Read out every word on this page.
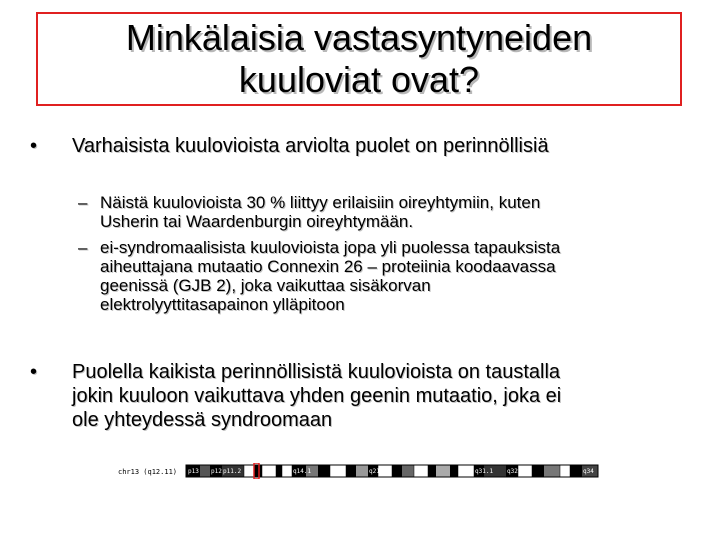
Minkälaisia vastasyntyneiden
kuuloviat ovat?
• Varhaisista kuulovioista arviolta puolet on perinnöllisiä
– Näistä kuulovioista 30 % liittyy erilaisiin oireyhtymiin, kuten
Usherin tai Waardenburgin oireyhtymään.
– ei-syndromaalisista kuulovioista jopa yli puolessa tapauksista
aiheuttajana mutaatio Connexin 26 – proteiinia koodaavassa
geenissä (GJB 2), joka vaikuttaa sisäkorvan
elektrolyyttitasapainon ylläpitoon
• Puolella kaikista perinnöllisistä kuulovioista on taustalla
jokin kuuloon vaikuttava yhden geenin mutaatio, joka ei
ole yhteydessä syndroomaan
chr13 (q12.11) p13 p12 p11.2	q14.1	q21.1	q31.1 q32.3	q34
